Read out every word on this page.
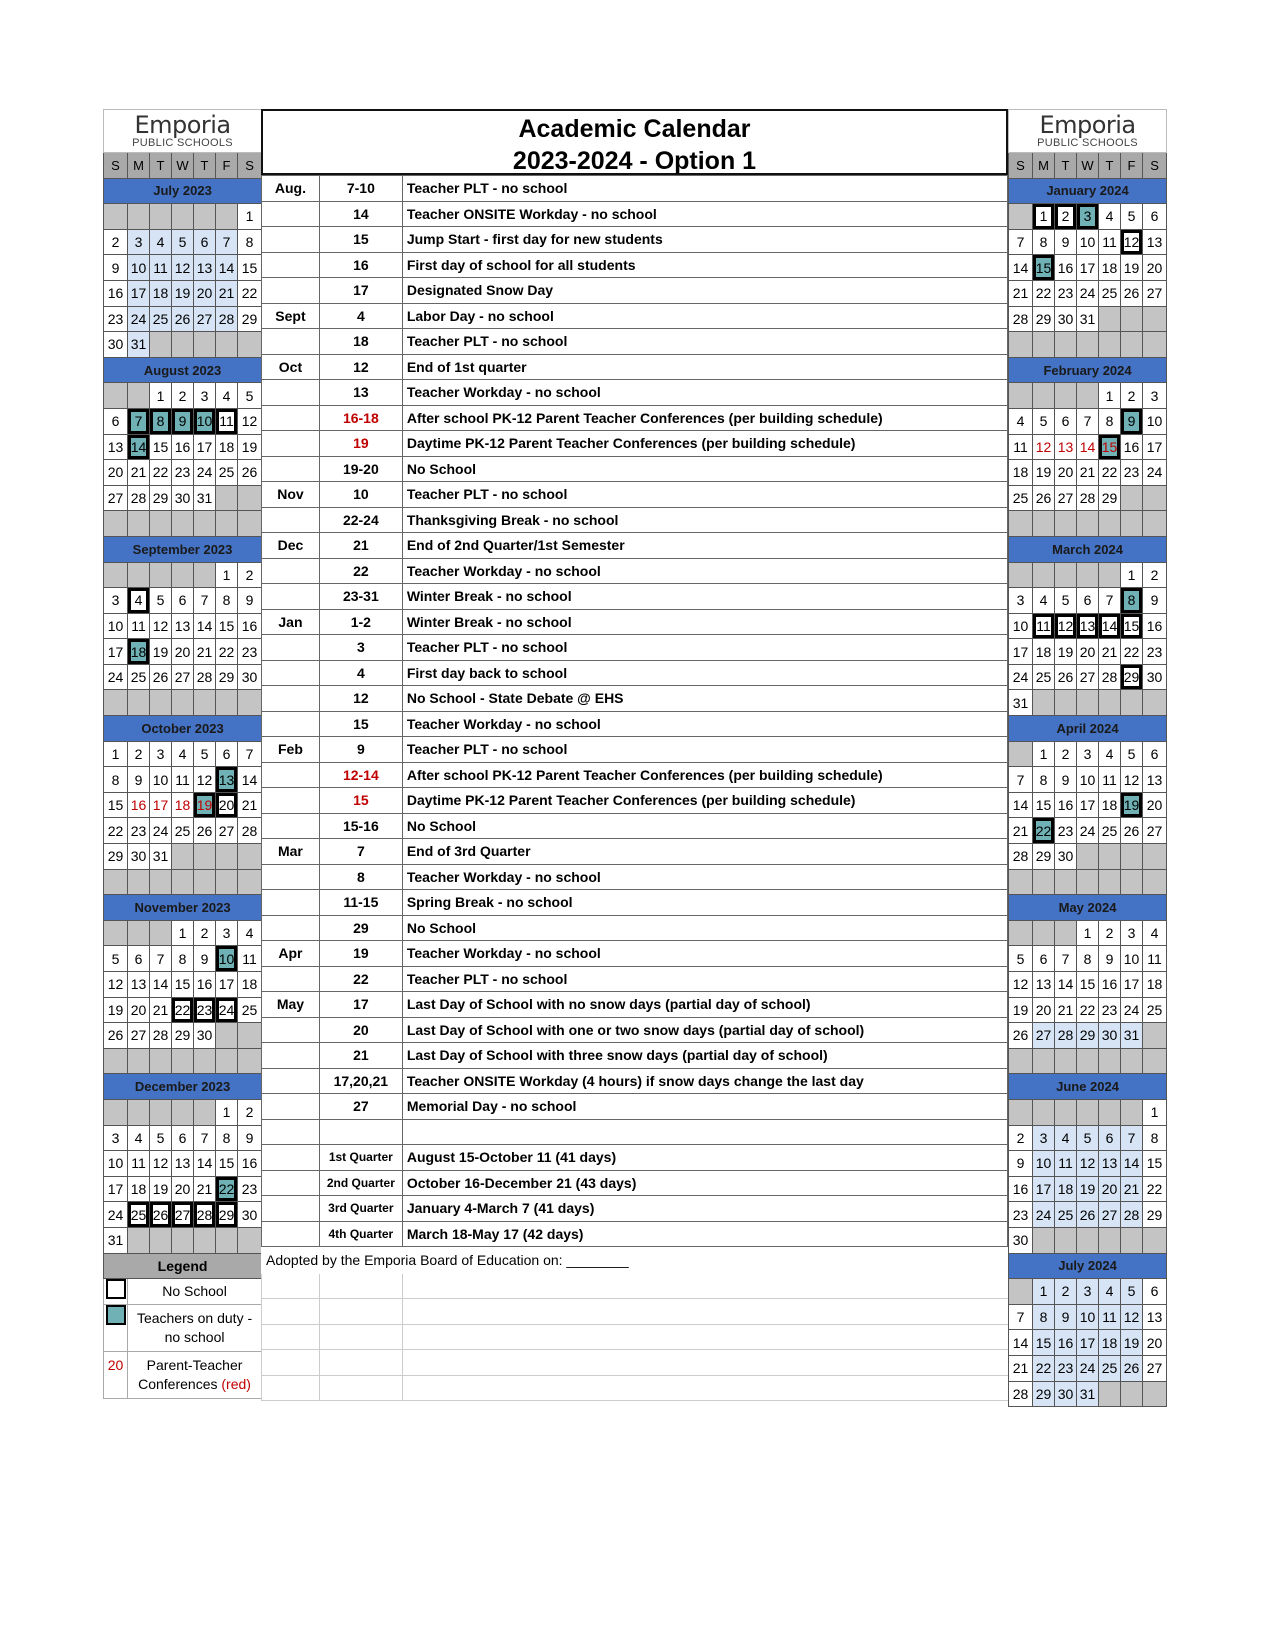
Emporia
PUBLIC SCHOOLS						

S	M	T	W	T	F	S
July 2023						
						1
2	3	4	5	6	7	8
9	10	11	12	13	14	15
16	17	18	19	20	21	22
23	24	25	26	27	28	29
30	31					
August 2023						
		1	2	3	4	5
6	7	8	9	10	11	12
13	14	15	16	17	18	19
20	21	22	23	24	25	26
27	28	29	30	31		

September 2023						
					1	2
3	4	5	6	7	8	9
10	11	12	13	14	15	16
17	18	19	20	21	22	23
24	25	26	27	28	29	30

October 2023						
1	2	3	4	5	6	7
8	9	10	11	12	13	14
15	16	17	18	19	20	21
22	23	24	25	26	27	28
29	30	31				

November 2023						
			1	2	3	4
5	6	7	8	9	10	11
12	13	14	15	16	17	18
19	20	21	22	23	24	25
26	27	28	29	30		

December 2023						
					1	2
3	4	5	6	7	8	9
10	11	12	13	14	15	16
17	18	19	20	21	22	23
24	25	26	27	28	29	30
31						
Legend						
	No School					
	Teachers on duty - no school					
20	Parent-Teacher Conferences (red)					
Academic Calendar
2023-2024 - Option 1
Aug.	7-10	Teacher PLT - no school
	14	Teacher ONSITE Workday - no school
	15	Jump Start - first day for new students
	16	First day of school for all students
	17	Designated Snow Day
Sept	4	Labor Day - no school
	18	Teacher PLT - no school
Oct	12	End of 1st quarter
	13	Teacher Workday - no school
	16-18	After school PK-12 Parent Teacher Conferences (per building schedule)
	19	Daytime PK-12 Parent Teacher Conferences (per building schedule)
	19-20	No School
Nov	10	Teacher PLT - no school
	22-24	Thanksgiving Break - no school
Dec	21	End of 2nd Quarter/1st Semester
	22	Teacher Workday - no school
	23-31	Winter Break - no school
Jan	1-2	Winter Break - no school
	3	Teacher PLT - no school
	4	First day back to school
	12	No School - State Debate @ EHS
	15	Teacher Workday - no school
Feb	9	Teacher PLT - no school
	12-14	After school PK-12 Parent Teacher Conferences (per building schedule)
	15	Daytime PK-12 Parent Teacher Conferences (per building schedule)
	15-16	No School
Mar	7	End of 3rd Quarter
	8	Teacher Workday - no school
	11-15	Spring Break - no school
	29	No School
Apr	19	Teacher Workday - no school
	22	Teacher PLT - no school
May	17	Last Day of School with no snow days (partial day of school)
	20	Last Day of School with one or two snow days (partial day of school)
	21	Last Day of School with three snow days (partial day of school)
	17,20,21	Teacher ONSITE Workday (4 hours) if snow days change the last day
	27	Memorial Day - no school

	1st Quarter	August 15-October 11 (41 days)
	2nd Quarter	October 16-December 21 (43 days)
	3rd Quarter	January 4-March 7 (41 days)
	4th Quarter	March 18-May 17 (42 days)
Adopted by the Emporia Board of Education on: ________		

Emporia
PUBLIC SCHOOLS						

S	M	T	W	T	F	S
January 2024						
	1	2	3	4	5	6
7	8	9	10	11	12	13
14	15	16	17	18	19	20
21	22	23	24	25	26	27
28	29	30	31			

February 2024						
				1	2	3
4	5	6	7	8	9	10
11	12	13	14	15	16	17
18	19	20	21	22	23	24
25	26	27	28	29		

March 2024						
					1	2
3	4	5	6	7	8	9
10	11	12	13	14	15	16
17	18	19	20	21	22	23
24	25	26	27	28	29	30
31						
April 2024						
	1	2	3	4	5	6
7	8	9	10	11	12	13
14	15	16	17	18	19	20
21	22	23	24	25	26	27
28	29	30				

May 2024						
			1	2	3	4
5	6	7	8	9	10	11
12	13	14	15	16	17	18
19	20	21	22	23	24	25
26	27	28	29	30	31	

June 2024						
						1
2	3	4	5	6	7	8
9	10	11	12	13	14	15
16	17	18	19	20	21	22
23	24	25	26	27	28	29
30						
July 2024						
	1	2	3	4	5	6
7	8	9	10	11	12	13
14	15	16	17	18	19	20
21	22	23	24	25	26	27
28	29	30	31			
